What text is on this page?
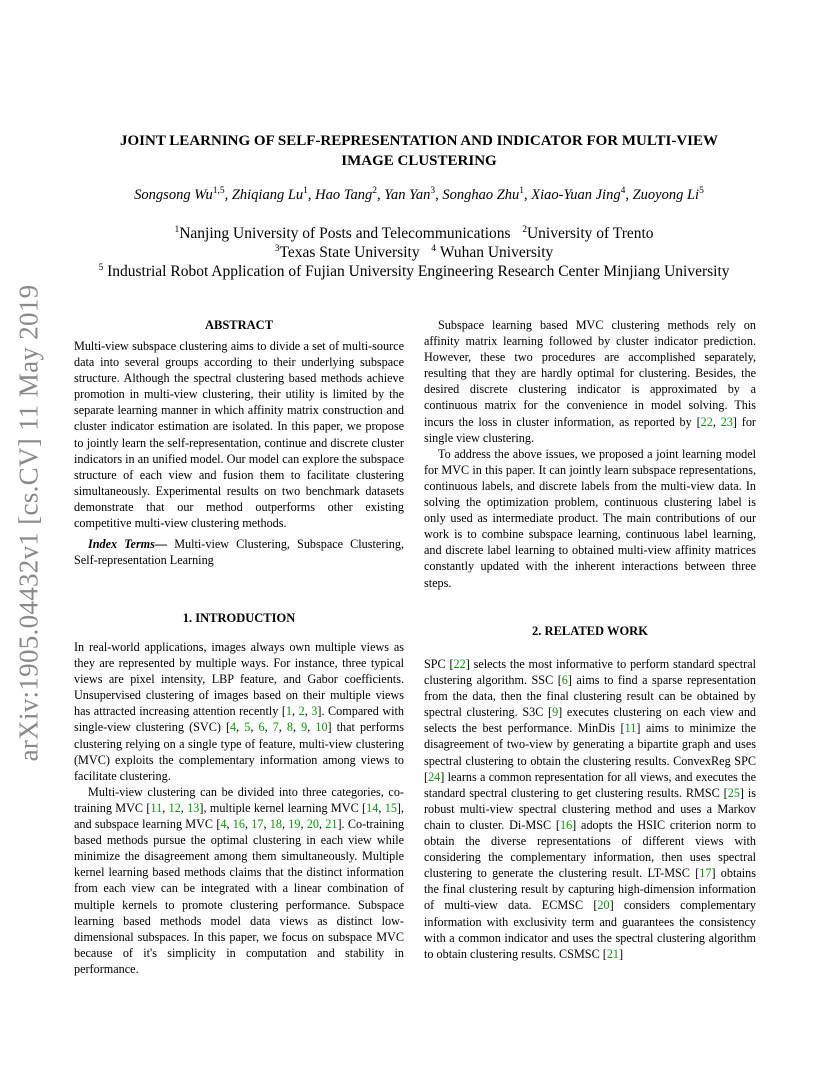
arXiv:1905.04432v1 [cs.CV] 11 May 2019
JOINT LEARNING OF SELF-REPRESENTATION AND INDICATOR FOR MULTI-VIEW
IMAGE CLUSTERING
Songsong Wu$^{1,5}$, Zhiqiang Lu$^1$, Hao Tang$^2$, Yan Yan$^3$, Songhao Zhu$^1$, Xiao-Yuan Jing$^4$, Zuoyong Li$^5$
$^1$Nanjing University of Posts and Telecommunications $^2$University of Trento
$^3$Texas State University $^4$ Wuhan University
$^5$ Industrial Robot Application of Fujian University Engineering Research Center Minjiang University
ABSTRACT

Multi-view subspace clustering aims to divide a set of multi-source data into several groups according to their underlying subspace structure. Although the spectral clustering based methods achieve promotion in multi-view clustering, their utility is limited by the separate learning manner in which affinity matrix construction and cluster indicator estimation are isolated. In this paper, we propose to jointly learn the self-representation, continue and discrete cluster indicators in an unified model. Our model can explore the subspace structure of each view and fusion them to facilitate clustering simultaneously. Experimental results on two benchmark datasets demonstrate that our method outperforms other existing competitive multi-view clustering methods.

Index Terms— Multi-view Clustering, Subspace Clustering, Self-representation Learning

1. INTRODUCTION

In real-world applications, images always own multiple views as they are represented by multiple ways. For instance, three typical views are pixel intensity, LBP feature, and Gabor coefficients. Unsupervised clustering of images based on their multiple views has attracted increasing attention recently [1, 2, 3]. Compared with single-view clustering (SVC) [4, 5, 6, 7, 8, 9, 10] that performs clustering relying on a single type of feature, multi-view clustering (MVC) exploits the complementary information among views to facilitate clustering.

Multi-view clustering can be divided into three categories, co-training MVC [11, 12, 13], multiple kernel learning MVC [14, 15], and subspace learning MVC [4, 16, 17, 18, 19, 20, 21]. Co-training based methods pursue the optimal clustering in each view while minimize the disagreement among them simultaneously. Multiple kernel learning based methods claims that the distinct information from each view can be integrated with a linear combination of multiple kernels to promote clustering performance. Subspace learning based methods model data views as distinct low-dimensional subspaces. In this paper, we focus on subspace MVC because of it's simplicity in computation and stability in performance.

Subspace learning based MVC clustering methods rely on affinity matrix learning followed by cluster indicator prediction. However, these two procedures are accomplished separately, resulting that they are hardly optimal for clustering. Besides, the desired discrete clustering indicator is approximated by a continuous matrix for the convenience in model solving. This incurs the loss in cluster information, as reported by [22, 23] for single view clustering.

To address the above issues, we proposed a joint learning model for MVC in this paper. It can jointly learn subspace representations, continuous labels, and discrete labels from the multi-view data. In solving the optimization problem, continuous clustering label is only used as intermediate product. The main contributions of our work is to combine subspace learning, continuous label learning, and discrete label learning to obtained multi-view affinity matrices constantly updated with the inherent interactions between three steps.

2. RELATED WORK

SPC [22] selects the most informative to perform standard spectral clustering algorithm. SSC [6] aims to find a sparse representation from the data, then the final clustering result can be obtained by spectral clustering. S3C [9] executes clustering on each view and selects the best performance. MinDis [11] aims to minimize the disagreement of two-view by generating a bipartite graph and uses spectral clustering to obtain the clustering results. ConvexReg SPC [24] learns a common representation for all views, and executes the standard spectral clustering to get clustering results. RMSC [25] is robust multi-view spectral clustering method and uses a Markov chain to cluster. Di-MSC [16] adopts the HSIC criterion norm to obtain the diverse representations of different views with considering the complementary information, then uses spectral clustering to generate the clustering result. LT-MSC [17] obtains the final clustering result by capturing high-dimension information of multi-view data. ECMSC [20] considers complementary information with exclusivity term and guarantees the consistency with a common indicator and uses the spectral clustering algorithm to obtain clustering results. CSMSC [21]
